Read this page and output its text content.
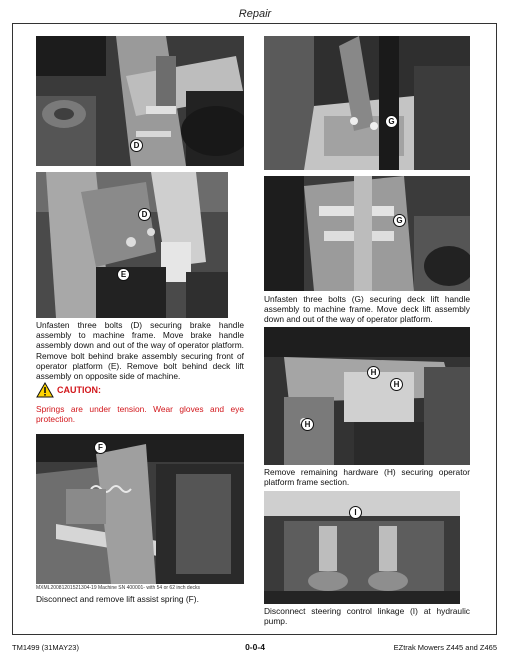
Repair
D
D
E
Unfasten three bolts (D) securing brake handle assembly to machine frame. Move brake handle assembly down and out of the way of operator platform. Remove bolt behind brake assembly securing front of operator platform (E). Remove bolt behind deck lift assembly on opposite side of machine.
CAUTION:
Springs are under tension. Wear gloves and eye protection.
F
MXML20081201521304-19 Machine SN 400001- with 54 or 62 inch decks
Disconnect and remove lift assist spring (F).
G
G
Unfasten three bolts (G) securing deck lift handle assembly to machine frame. Move deck lift assembly down and out of the way of operator platform.
H
H
H
Remove remaining hardware (H) securing operator platform frame section.
I
Disconnect steering control linkage (I) at hydraulic pump.
TM1499 (31MAY23)	0-0-4	EZtrak Mowers Z445 and Z465
